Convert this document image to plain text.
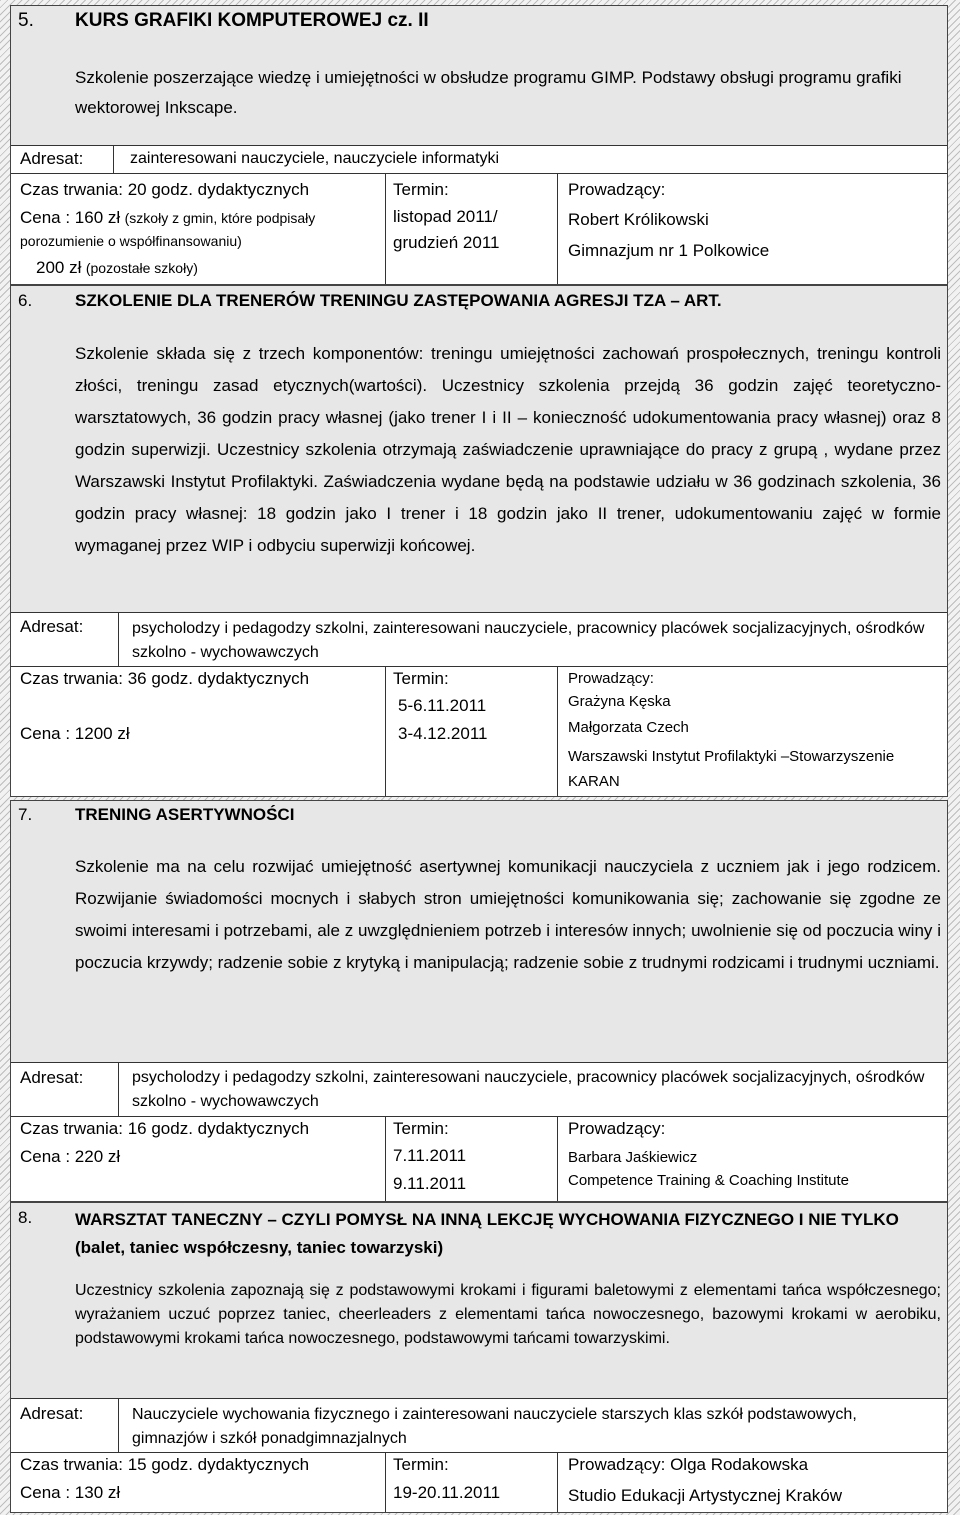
5. KURS GRAFIKI KOMPUTEROWEJ cz. II
Szkolenie poszerzające wiedzę i umiejętności w obsłudze programu GIMP. Podstawy obsługi programu grafiki wektorowej Inkscape.
Adresat:	zainteresowani nauczyciele, nauczyciele informatyki
Czas trwania: 20 godz. dydaktycznych
Cena : 160 zł (szkoły z gmin, które podpisały porozumienie o współfinansowaniu)
200 zł (pozostałe szkoły)
Termin:
listopad 2011/
grudzień 2011
Prowadzący:
Robert Królikowski
Gimnazjum nr 1 Polkowice
6.	SZKOLENIE DLA TRENERÓW TRENINGU ZASTĘPOWANIA AGRESJI TZA – ART.
Szkolenie składa się z trzech komponentów: treningu umiejętności zachowań prospołecznych, treningu kontroli złości, treningu zasad etycznych(wartości). Uczestnicy szkolenia przejdą 36 godzin zajęć teoretyczno- warsztatowych, 36 godzin pracy własnej (jako trener I i II – konieczność udokumentowania pracy własnej) oraz 8 godzin superwizji. Uczestnicy szkolenia otrzymają zaświadczenie uprawniające do pracy z grupą , wydane przez Warszawski Instytut Profilaktyki. Zaświadczenia wydane będą na podstawie udziału w 36 godzinach szkolenia, 36 godzin pracy własnej: 18 godzin jako I trener i 18 godzin jako II trener, udokumentowaniu zajęć w formie wymaganej przez WIP i odbyciu superwizji końcowej.
Adresat:	psycholodzy i pedagodzy szkolni, zainteresowani nauczyciele, pracownicy placówek socjalizacyjnych, ośrodków szkolno - wychowawczych
Czas trwania: 36 godz. dydaktycznych
Cena : 1200 zł
Termin:
5-6.11.2011
3-4.12.2011
Prowadzący:
Grażyna Kęska
Małgorzata Czech
Warszawski Instytut Profilaktyki –Stowarzyszenie KARAN
7.	TRENING ASERTYWNOŚCI
Szkolenie ma na celu rozwijać umiejętność asertywnej komunikacji nauczyciela z uczniem jak i jego rodzicem. Rozwijanie świadomości mocnych i słabych stron umiejętności komunikowania się; zachowanie się zgodne ze swoimi interesami i potrzebami, ale z uwzględnieniem potrzeb i interesów innych; uwolnienie się od poczucia winy i poczucia krzywdy; radzenie sobie z krytyką i manipulacją; radzenie sobie z trudnymi rodzicami i trudnymi uczniami.
Adresat:	psycholodzy i pedagodzy szkolni, zainteresowani nauczyciele, pracownicy placówek socjalizacyjnych, ośrodków szkolno - wychowawczych
Czas trwania: 16 godz. dydaktycznych
Cena : 220 zł
Termin:
7.11.2011
9.11.2011
Prowadzący:
Barbara Jaśkiewicz
Competence Training & Coaching Institute
8.	WARSZTAT TANECZNY – CZYLI POMYSŁ NA INNĄ LEKCJĘ WYCHOWANIA FIZYCZNEGO I NIE TYLKO (balet, taniec współczesny, taniec towarzyski)
Uczestnicy szkolenia zapoznają się z podstawowymi krokami i figurami baletowymi z elementami tańca współczesnego; wyrażaniem uczuć poprzez taniec, cheerleaders z elementami tańca nowoczesnego, bazowymi krokami w aerobiku, podstawowymi krokami tańca nowoczesnego, podstawowymi tańcami towarzyskimi.
Adresat:	Nauczyciele wychowania fizycznego i zainteresowani nauczyciele starszych klas szkół podstawowych, gimnazjów i szkół ponadgimnazjalnych
Czas trwania: 15 godz. dydaktycznych
Cena : 130 zł
Termin:
19-20.11.2011
Prowadzący: Olga Rodakowska
Studio Edukacji Artystycznej Kraków
